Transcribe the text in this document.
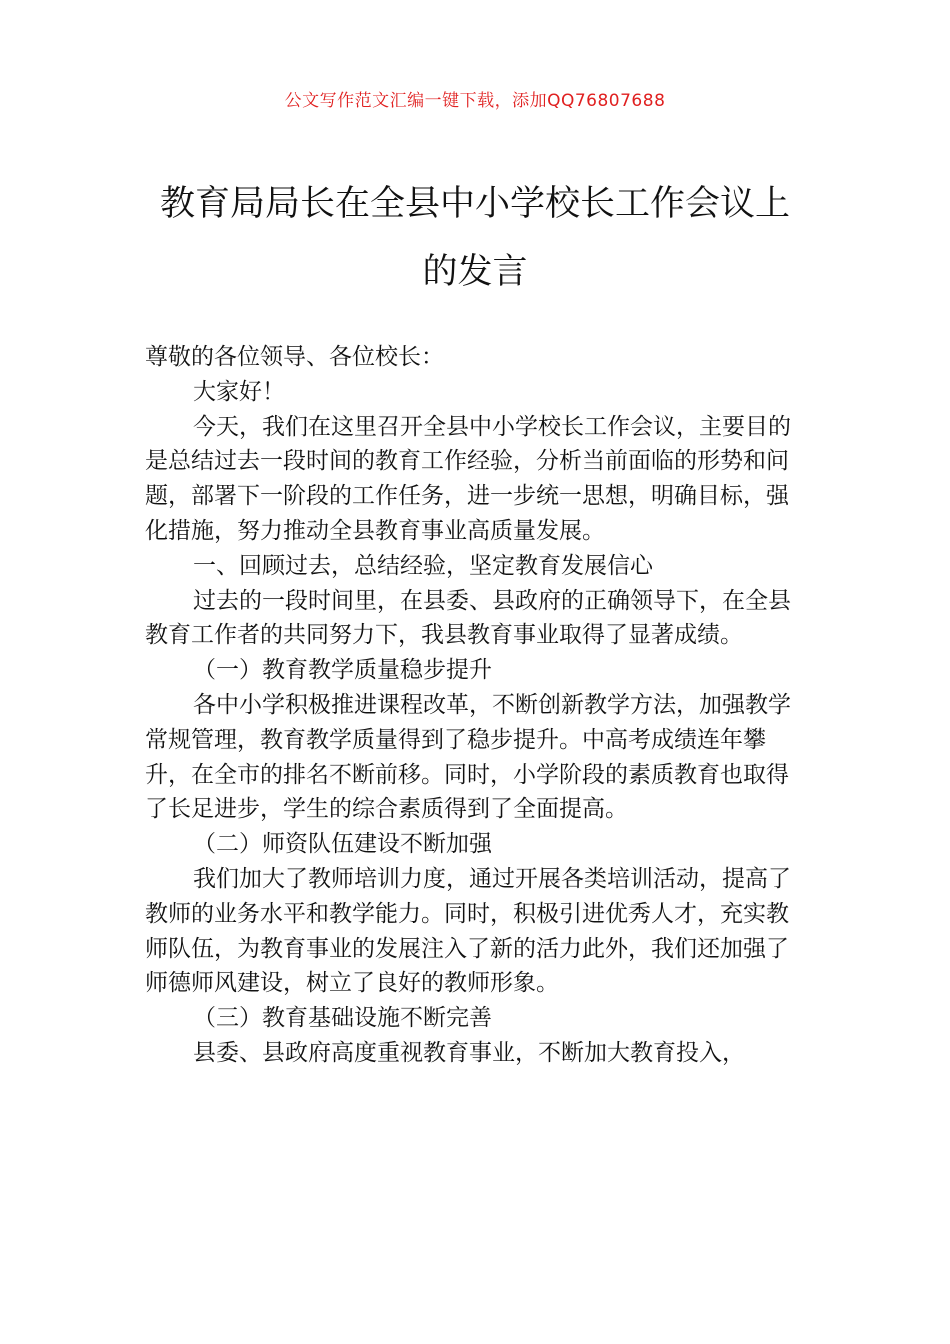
公文写作范文汇编一键下载，添加QQ76807688
教育局局长在全县中小学校长工作会议上
的发言

尊敬的各位领导、各位校长：

大家好！

今天，我们在这里召开全县中小学校长工作会议，主要目的是总结过去一段时间的教育工作经验，分析当前面临的形势和问题，部署下一阶段的工作任务，进一步统一思想，明确目标，强化措施，努力推动全县教育事业高质量发展。

一、回顾过去，总结经验，坚定教育发展信心

过去的一段时间里，在县委、县政府的正确领导下，在全县教育工作者的共同努力下，我县教育事业取得了显著成绩。

（一）教育教学质量稳步提升

各中小学积极推进课程改革，不断创新教学方法，加强教学常规管理，教育教学质量得到了稳步提升。中高考成绩连年攀升，在全市的排名不断前移。同时，小学阶段的素质教育也取得了长足进步，学生的综合素质得到了全面提高。

（二）师资队伍建设不断加强

我们加大了教师培训力度，通过开展各类培训活动，提高了教师的业务水平和教学能力。同时，积极引进优秀人才，充实教师队伍，为教育事业的发展注入了新的活力此外，我们还加强了师德师风建设，树立了良好的教师形象。

（三）教育基础设施不断完善

县委、县政府高度重视教育事业，不断加大教育投入，
